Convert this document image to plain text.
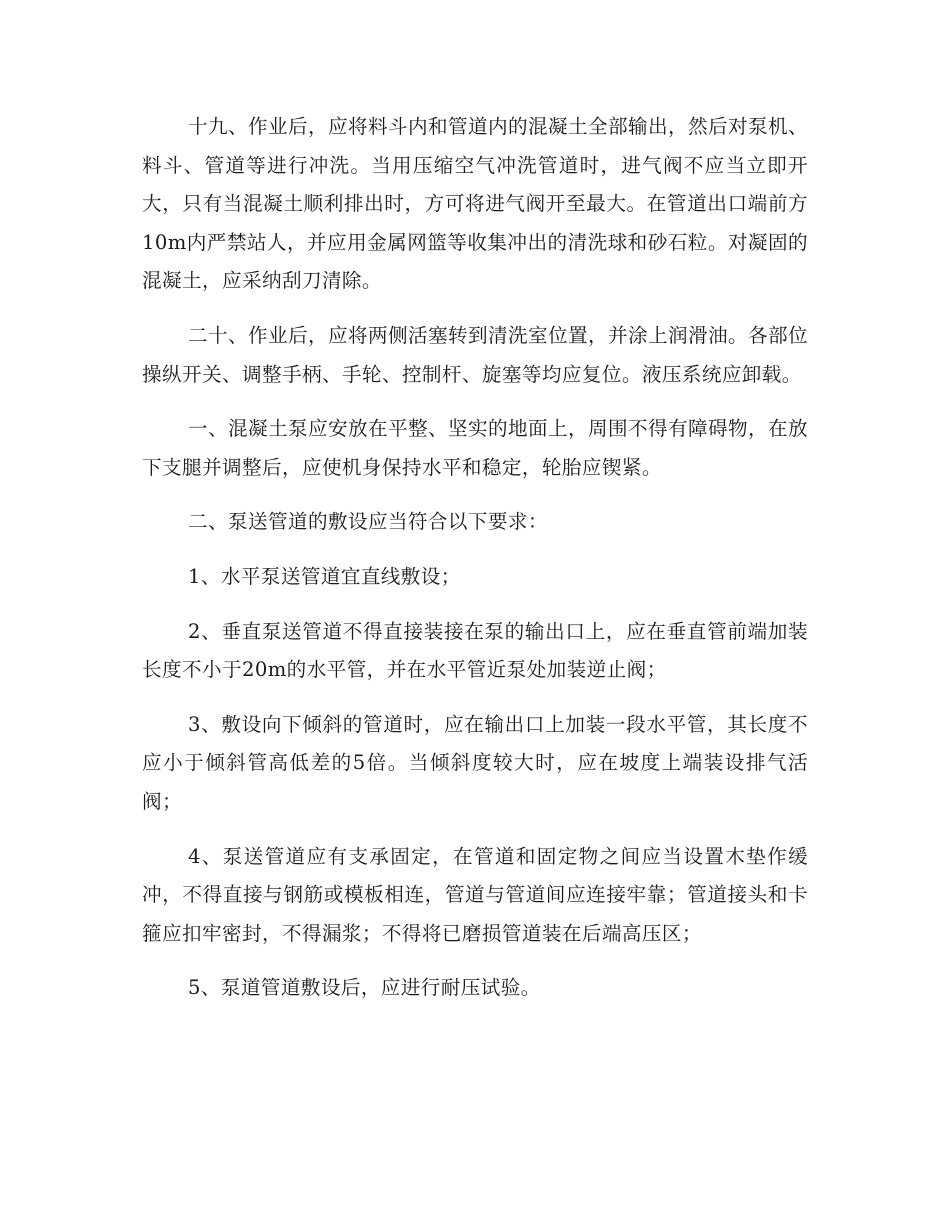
十九、作业后，应将料斗内和管道内的混凝土全部输出，然后对泵机、料斗、管道等进行冲洗。当用压缩空气冲洗管道时，进气阀不应当立即开大，只有当混凝土顺利排出时，方可将进气阀开至最大。在管道出口端前方10m内严禁站人，并应用金属网篮等收集冲出的清洗球和砂石粒。对凝固的混凝土，应采纳刮刀清除。

二十、作业后，应将两侧活塞转到清洗室位置，并涂上润滑油。各部位操纵开关、调整手柄、手轮、控制杆、旋塞等均应复位。液压系统应卸载。

一、混凝土泵应安放在平整、坚实的地面上，周围不得有障碍物，在放下支腿并调整后，应使机身保持水平和稳定，轮胎应锲紧。

二、泵送管道的敷设应当符合以下要求：

1、水平泵送管道宜直线敷设；

2、垂直泵送管道不得直接装接在泵的输出口上，应在垂直管前端加装长度不小于20m的水平管，并在水平管近泵处加装逆止阀；

3、敷设向下倾斜的管道时，应在输出口上加装一段水平管，其长度不应小于倾斜管高低差的5倍。当倾斜度较大时，应在坡度上端装设排气活阀；

4、泵送管道应有支承固定，在管道和固定物之间应当设置木垫作缓冲，不得直接与钢筋或模板相连，管道与管道间应连接牢靠；管道接头和卡箍应扣牢密封，不得漏浆；不得将已磨损管道装在后端高压区；

5、泵道管道敷设后，应进行耐压试验。
